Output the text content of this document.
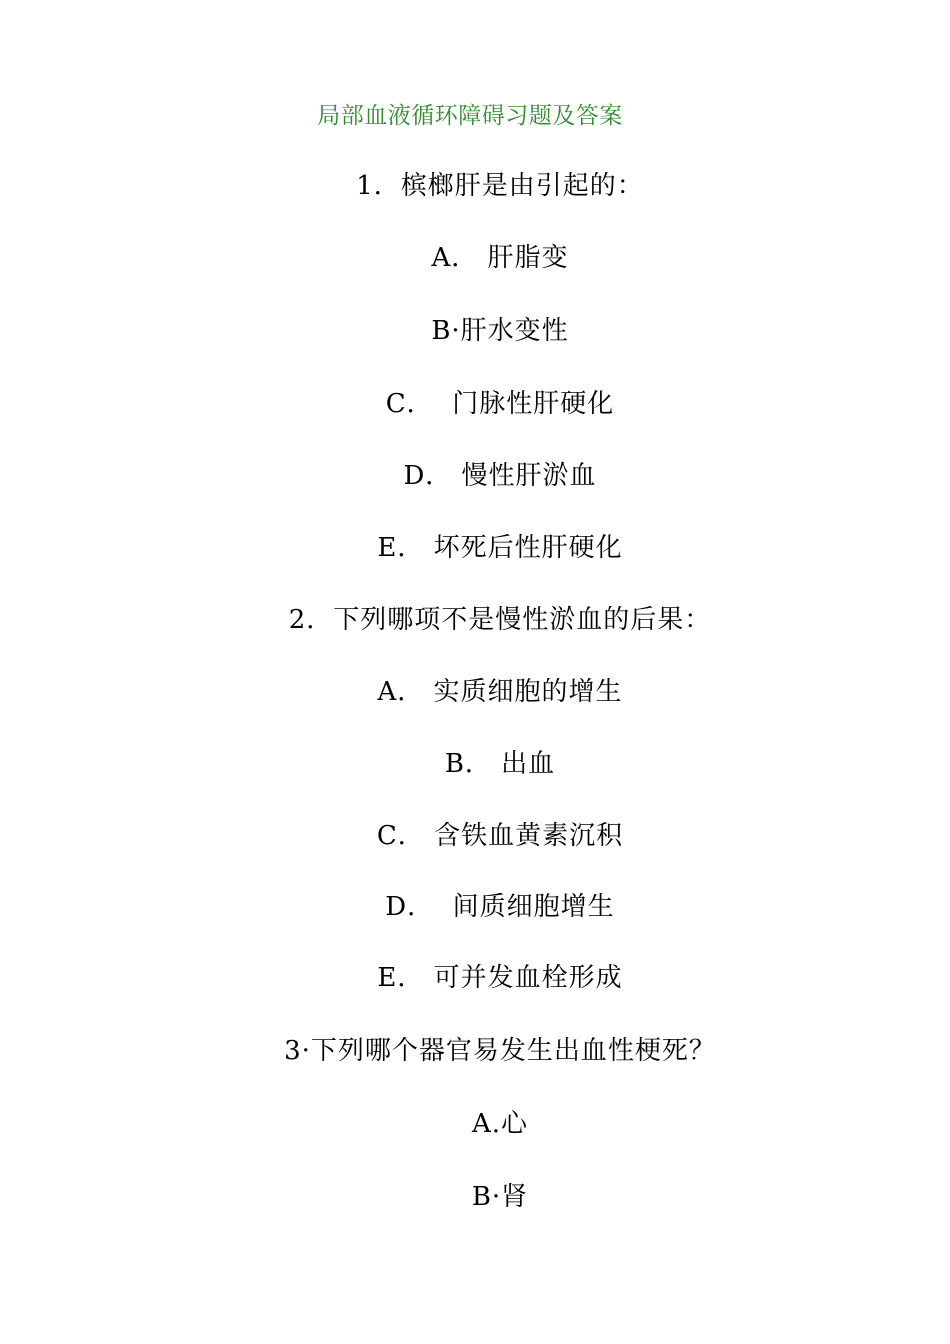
局部血液循环障碍习题及答案
1．槟榔肝是由引起的：
A． 肝脂变
B·肝水变性
C．  门脉性肝硬化
D． 慢性肝淤血
E． 坏死后性肝硬化
2．下列哪项不是慢性淤血的后果：
A． 实质细胞的增生
B． 出血
C． 含铁血黄素沉积
D．  间质细胞增生
E． 可并发血栓形成
3·下列哪个器官易发生出血性梗死？
A.心
B·肾
